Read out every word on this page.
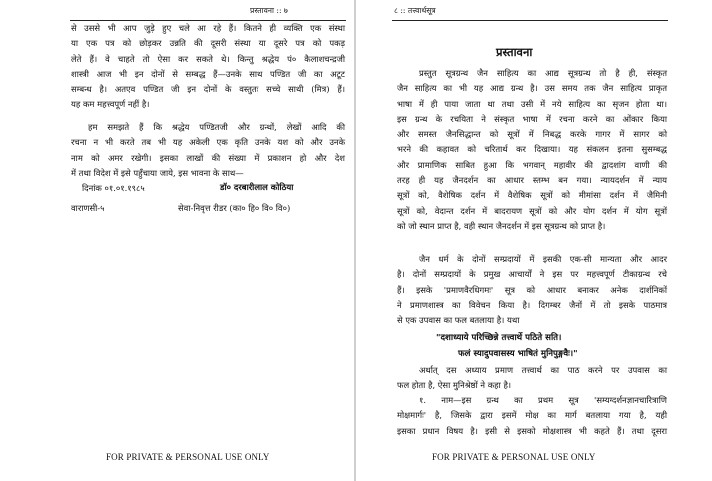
प्रस्तावना :: ७
से उससे भी आप जुड़े हुए चले आ रहे हैं। कितने ही व्यक्ति एक संस्था
या एक पत्र को छोड़कर उन्नति की दूसरी संस्था या दूसरे पत्र को पकड़
लेते हैं। वे चाहते तो ऐसा कर सकते थे। किन्तु श्रद्धेय पं० कैलाशचन्द्रजी
शास्त्री आज भी इन दोनों से सम्बद्ध हैं—उनके साथ पण्डित जी का अटूट
सम्बन्ध है। अतएव पण्डित जी इन दोनों के वस्तुतः सच्चे साथी (मित्र) हैं।
यह कम महत्त्वपूर्ण नहीं है।
हम समझते हैं कि श्रद्धेय पण्डितजी और ग्रन्थों, लेखों आदि की
रचना न भी करते तब भी यह अकेली एक कृति उनके यश को और उनके
नाम को अमर रखेगी। इसका लाखों की संख्या में प्रकाशन हो और देश
में तथा विदेश में इसे पहुँचाया जाये, इस भावना के साथ—
दिनांक ०१.०१.१९८५	डॉ० दरबारीलाल कोठिया
वाराणसी-५	सेवा-निवृत्त रीडर (का० हि० वि० वि०)
FOR PRIVATE & PERSONAL USE ONLY
८ :: तत्त्वार्थसूत्र
प्रस्तावना
प्रस्तुत सूत्रग्रन्थ जैन साहित्य का आद्य सूत्रग्रन्थ तो है ही, संस्कृत
जैन साहित्य का भी यह आद्य ग्रन्थ है। उस समय तक जैन साहित्य प्राकृत
भाषा में ही पाया जाता था तथा उसी में नये साहित्य का सृजन होता था।
इस ग्रन्थ के रचयिता ने संस्कृत भाषा में रचना करने का ओंकार किया
और समस्त जैनसिद्धान्त को सूत्रों में निबद्ध करके गागर में सागर को
भरने की कहावत को चरितार्थ कर दिखाया। यह संकलन इतना सुसम्बद्ध
और प्रामाणिक साबित हुआ कि भगवान् महावीर की द्वादशांग वाणी की
तरह ही यह जैनदर्शन का आधार स्तम्भ बन गया। न्यायदर्शन में न्याय
सूत्रों को, वैशेषिक दर्शन में वैशेषिक सूत्रों को मीमांसा दर्शन में जैमिनी
सूत्रों को, वेदान्त दर्शन में बादरायण सूत्रों को और योग दर्शन में योग सूत्रों
को जो स्थान प्राप्त है, वही स्थान जैनदर्शन में इस सूत्रग्रन्थ को प्राप्त है।
जैन धर्म के दोनों सम्प्रदायों में इसकी एक-सी मान्यता और आदर
है। दोनों सम्प्रदायों के प्रमुख आचार्यों ने इस पर महत्त्वपूर्ण टीकाग्रन्थ रचे
हैं। इसके 'प्रमाणवैरधिगमः' सूत्र को आधार बनाकर अनेक दार्शनिकों
ने प्रमाणशास्त्र का विवेचन किया है। दिगम्बर जैनों में तो इसके पाठमात्र
से एक उपवास का फल बतलाया है। यथा
"दशाध्याये परिच्छिन्ने तत्त्वार्थे पठिते सति।
फलं स्यादुपवासस्य भाषितं मुनिपुङ्गवैः।"
अर्थात् दस अध्याय प्रमाण तत्त्वार्थ का पाठ करने पर उपवास का
फल होता है, ऐसा मुनिश्रेष्ठों ने कहा है।
१. नाम—इस ग्रन्थ का प्रथम सूत्र 'सम्यग्दर्शनज्ञानचारित्राणि
मोक्षमार्गः' है, जिसके द्वारा इसमें मोक्ष का मार्ग बतलाया गया है, यही
इसका प्रधान विषय है। इसी से इसको मोक्षशास्त्र भी कहते हैं। तथा दूसरा
FOR PRIVATE & PERSONAL USE ONLY
